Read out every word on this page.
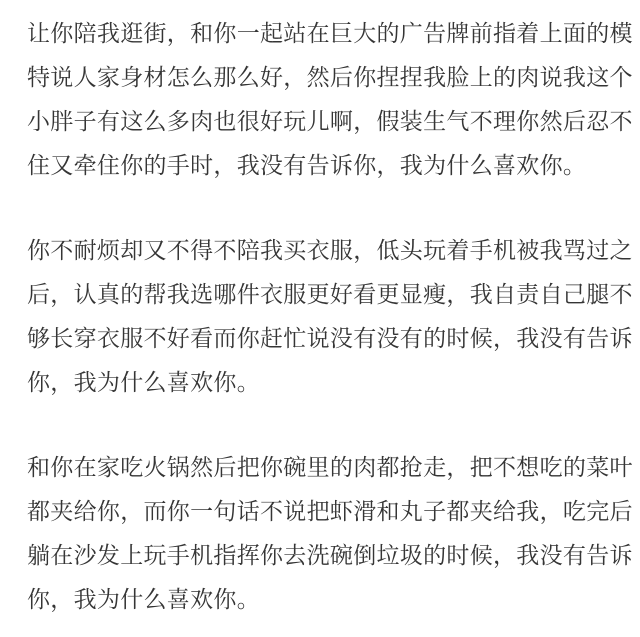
让你陪我逛街，和你一起站在巨大的广告牌前指着上面的模
特说人家身材怎么那么好，然后你捏捏我脸上的肉说我这个
小胖子有这么多肉也很好玩儿啊，假装生气不理你然后忍不
住又牵住你的手时，我没有告诉你，我为什么喜欢你。

你不耐烦却又不得不陪我买衣服，低头玩着手机被我骂过之
后，认真的帮我选哪件衣服更好看更显瘦，我自责自己腿不
够长穿衣服不好看而你赶忙说没有没有的时候，我没有告诉
你，我为什么喜欢你。

和你在家吃火锅然后把你碗里的肉都抢走，把不想吃的菜叶
都夹给你，而你一句话不说把虾滑和丸子都夹给我，吃完后
躺在沙发上玩手机指挥你去洗碗倒垃圾的时候，我没有告诉
你，我为什么喜欢你。
